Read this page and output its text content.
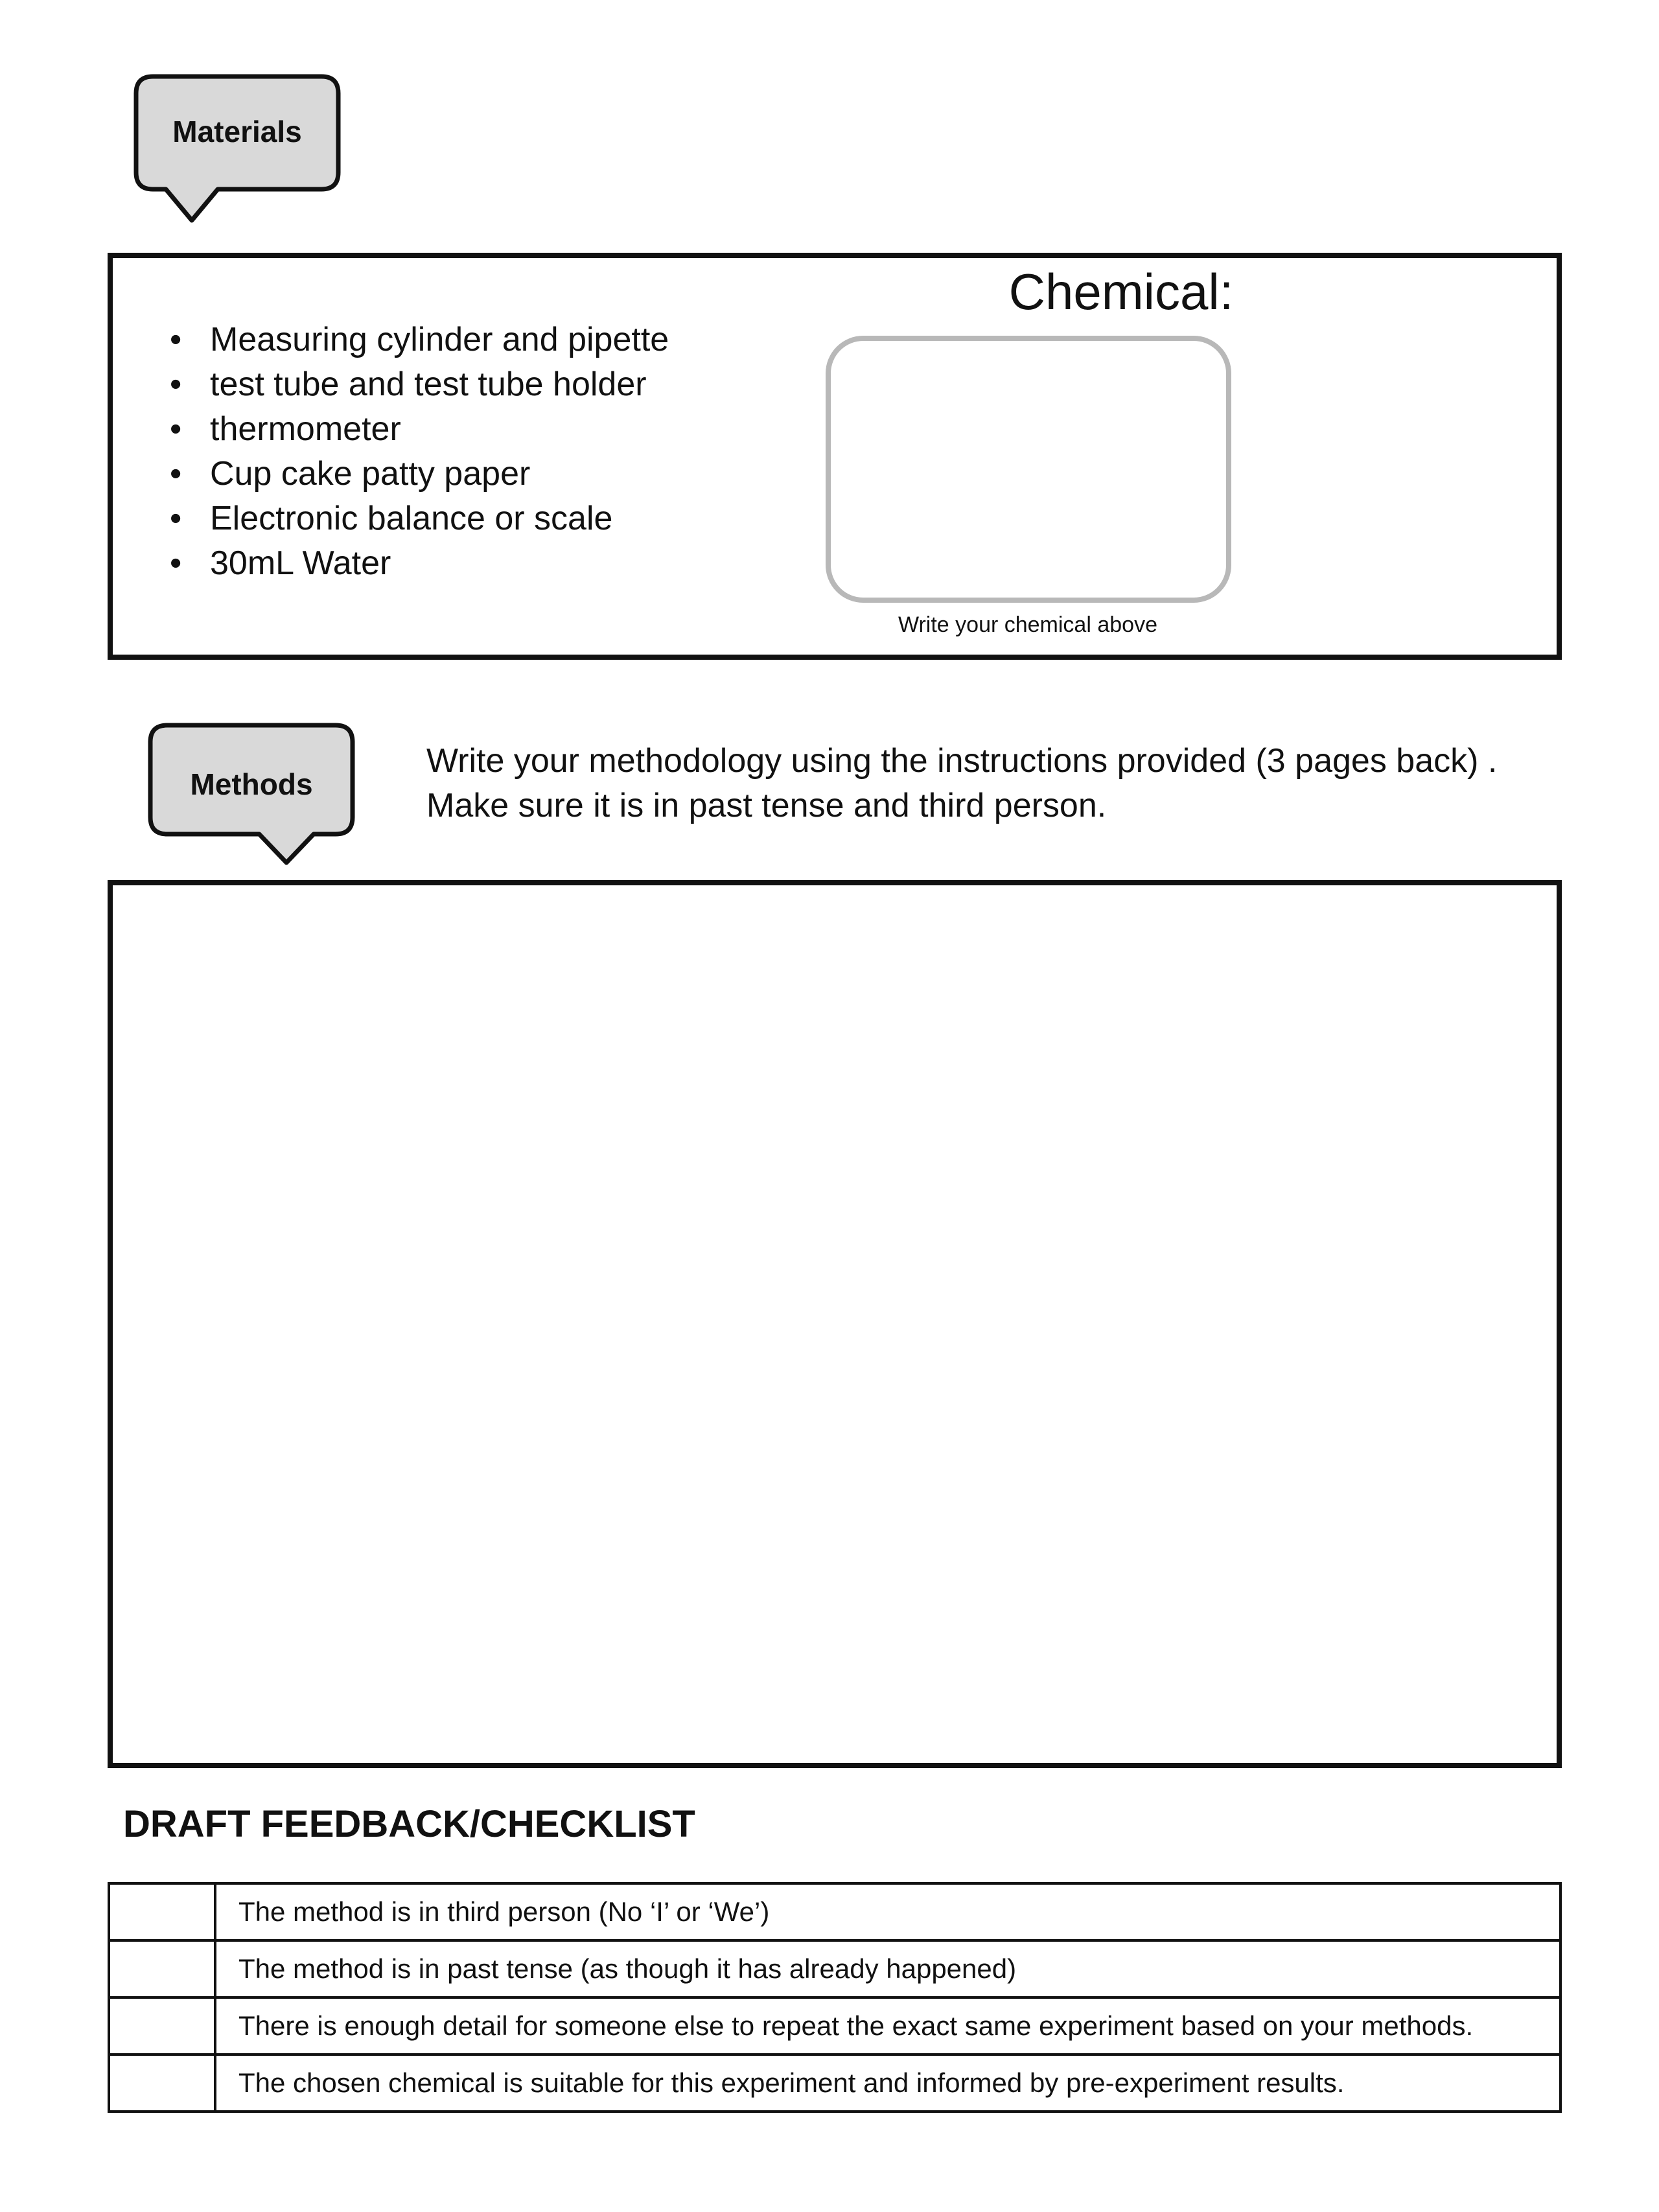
Materials
• Measuring cylinder and pipette
• test tube and test tube holder
• thermometer
• Cup cake patty paper
• Electronic balance or scale
• 30mL Water
Chemical:
Write your chemical above
Methods
Write your methodology using the instructions provided (3 pages back) .
Make sure it is in past tense and third person.
DRAFT FEEDBACK/CHECKLIST
	The method is in third person (No ‘I’ or ‘We’)
	The method is in past tense (as though it has already happened)
	There is enough detail for someone else to repeat the exact same experiment based on your methods.
	The chosen chemical is suitable for this experiment and informed by pre-experiment results.
